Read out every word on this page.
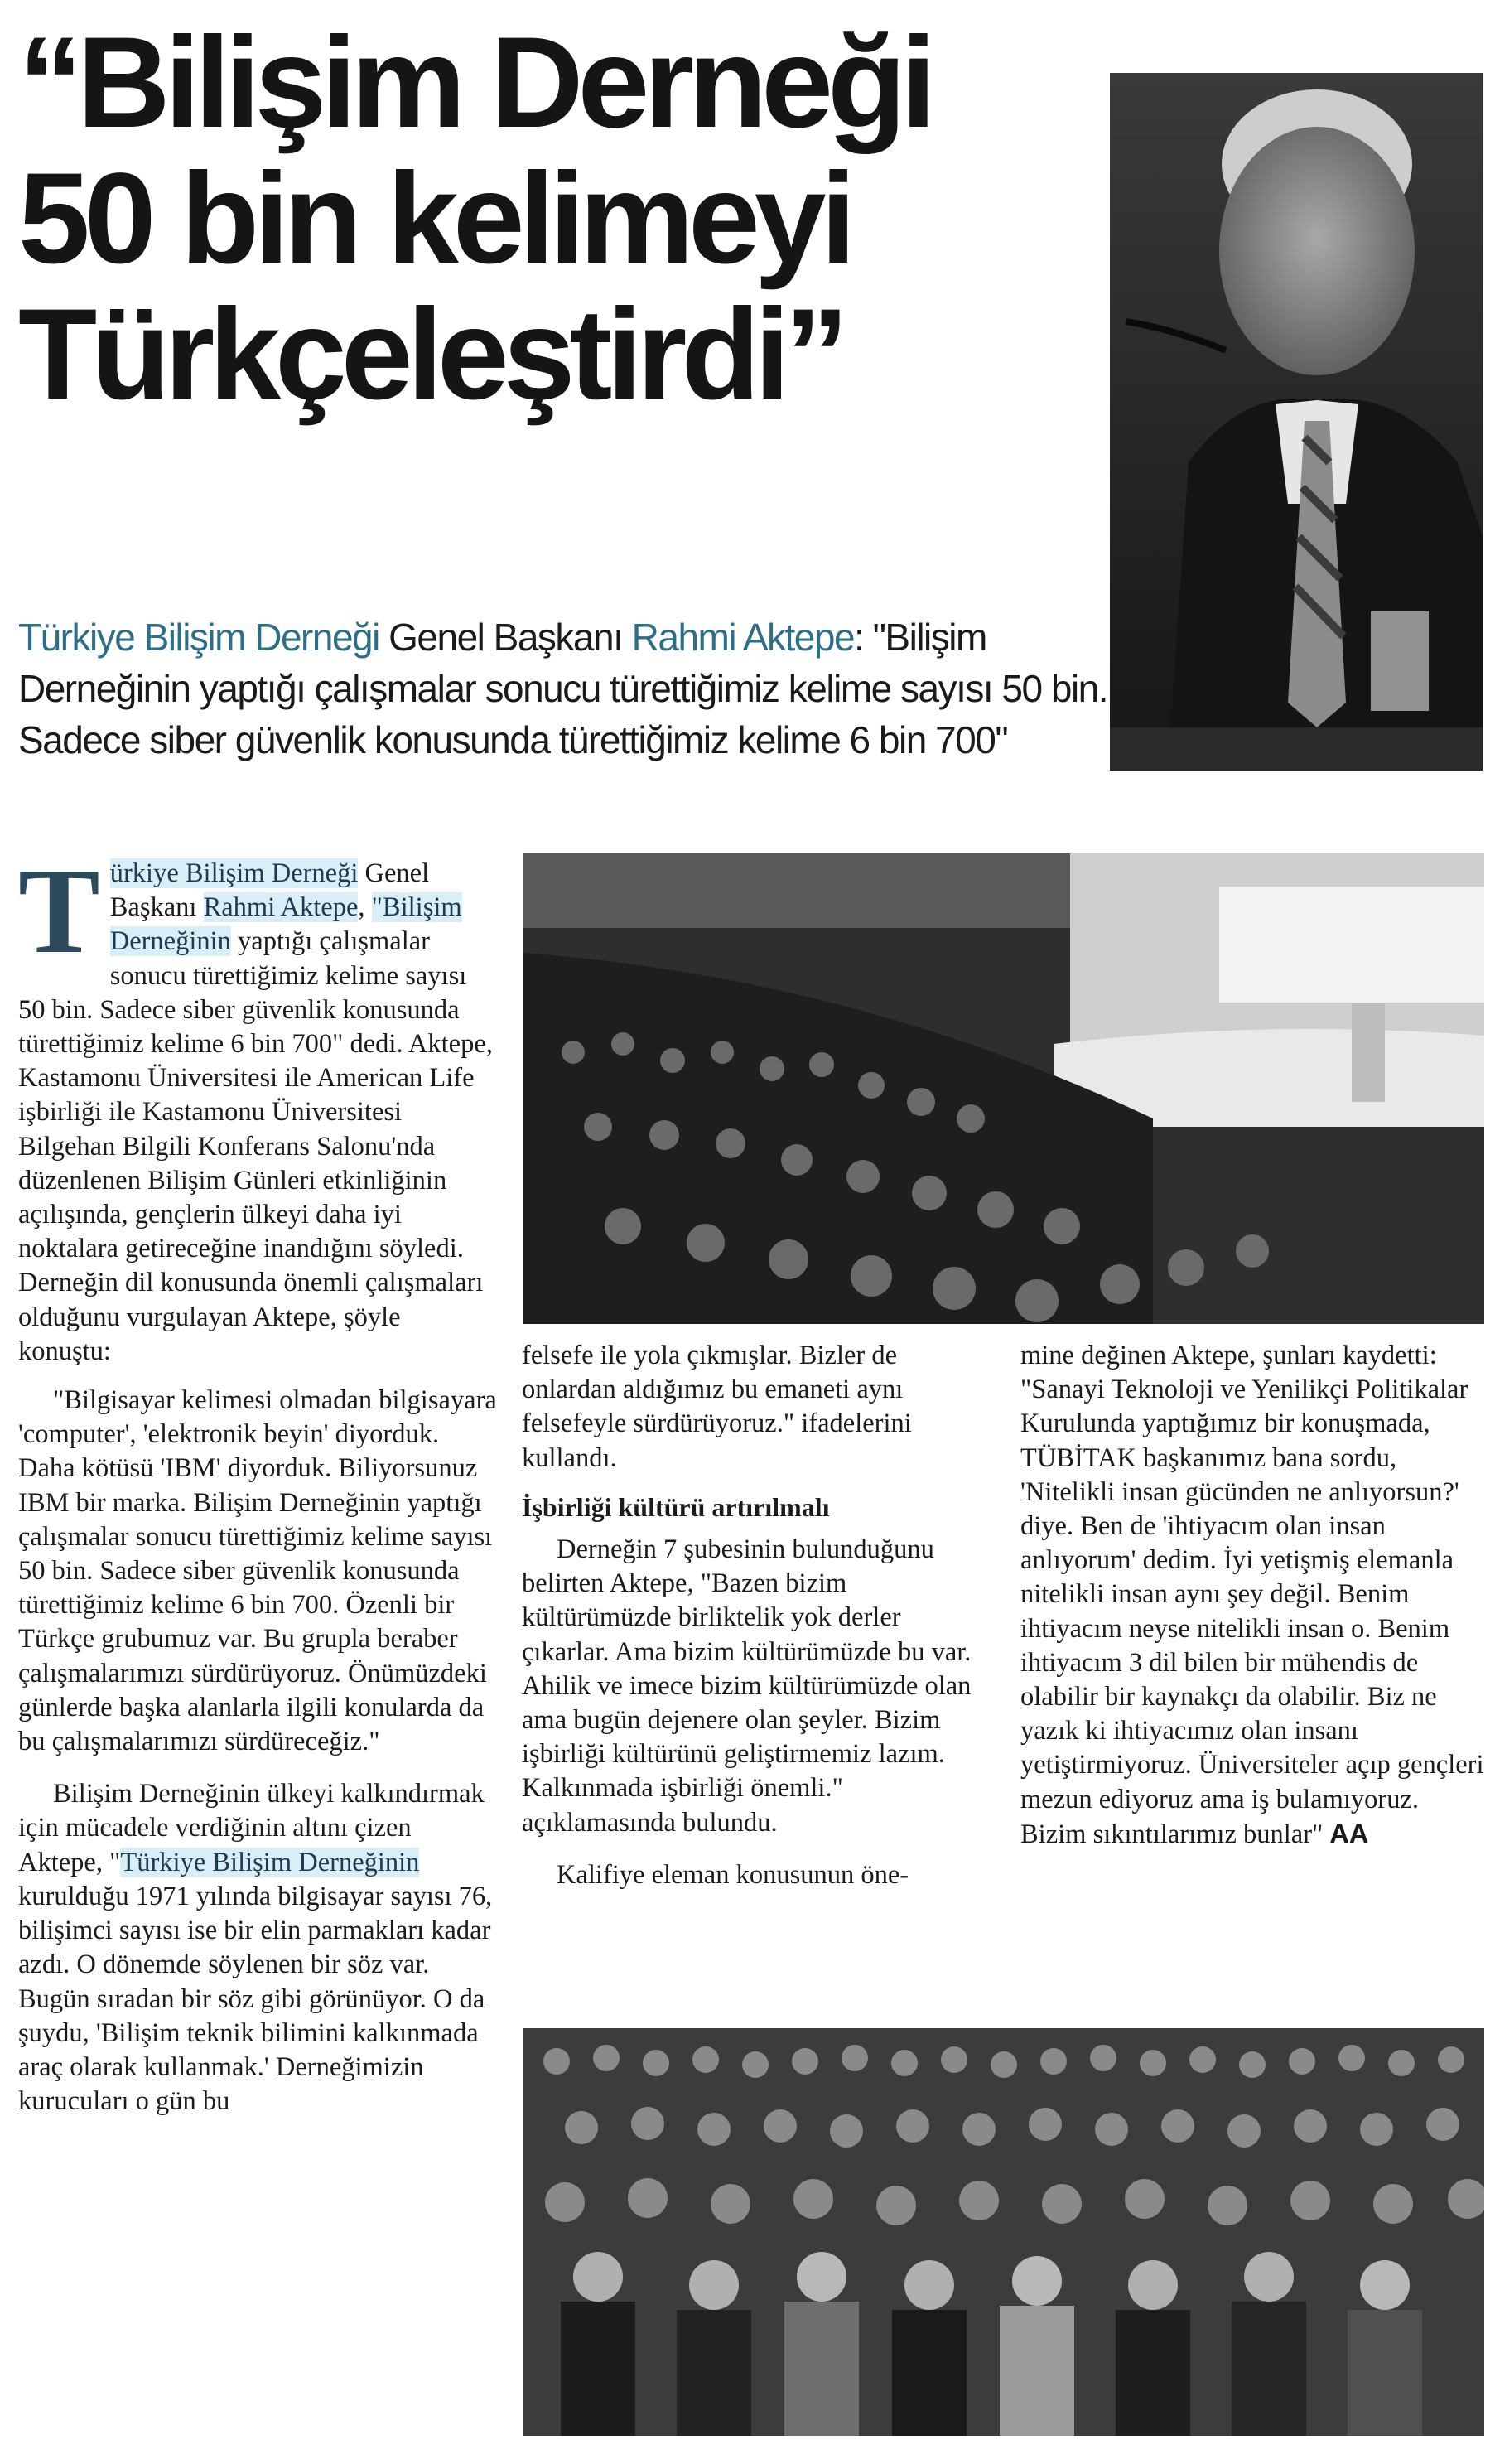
“Bilişim Derneği
50 bin kelimeyi
Türkçeleştirdi”

Türkiye Bilişim Derneği Genel Başkanı Rahmi Aktepe: "Bilişim Derneğinin yaptığı çalışmalar sonucu türettiğimiz kelime sayısı 50 bin. Sadece siber güvenlik konusunda türettiğimiz kelime 6 bin 700"

Türkiye Bilişim Derneği Genel Başkanı Rahmi Aktepe, "Bilişim Derneğinin yaptığı çalışmalar sonucu türettiğimiz kelime sayısı 50 bin. Sadece siber güvenlik konusunda türettiğimiz kelime 6 bin 700" dedi. Aktepe, Kastamonu Üniversitesi ile American Life işbirliği ile Kastamonu Üniversitesi Bilgehan Bilgili Konferans Salonu'nda düzenlenen Bilişim Günleri etkinliğinin açılışında, gençlerin ülkeyi daha iyi noktalara getireceğine inandığını söyledi. Derneğin dil konusunda önemli çalışmaları olduğunu vurgulayan Aktepe, şöyle konuştu:

"Bilgisayar kelimesi olmadan bilgisayara 'computer', 'elektronik beyin' diyorduk. Daha kötüsü 'IBM' diyorduk. Biliyorsunuz IBM bir marka. Bilişim Derneğinin yaptığı çalışmalar sonucu türettiğimiz kelime sayısı 50 bin. Sadece siber güvenlik konusunda türettiğimiz kelime 6 bin 700. Özenli bir Türkçe grubumuz var. Bu grupla beraber çalışmalarımızı sürdürüyoruz. Önümüzdeki günlerde başka alanlarla ilgili konularda da bu çalışmalarımızı sürdüreceğiz."

Bilişim Derneğinin ülkeyi kalkındırmak için mücadele verdiğinin altını çizen Aktepe, "Türkiye Bilişim Derneğinin kurulduğu 1971 yılında bilgisayar sayısı 76, bilişimci sayısı ise bir elin parmakları kadar azdı. O dönemde söylenen bir söz var. Bugün sıradan bir söz gibi görünüyor. O da şuydu, 'Bilişim teknik bilimini kalkınmada araç olarak kullanmak.' Derneğimizin kurucuları o gün bu

felsefe ile yola çıkmışlar. Bizler de onlardan aldığımız bu emaneti aynı felsefeyle sürdürüyoruz." ifadelerini kullandı.

İşbirliği kültürü artırılmalı

Derneğin 7 şubesinin bulunduğunu belirten Aktepe, "Bazen bizim kültürümüzde birliktelik yok derler çıkarlar. Ama bizim kültürümüzde bu var. Ahilik ve imece bizim kültürümüzde olan ama bugün dejenere olan şeyler. Bizim işbirliği kültürünü geliştirmemiz lazım. Kalkınmada işbirliği önemli." açıklamasında bulundu.

Kalifiye eleman konusunun öne-

mine değinen Aktepe, şunları kaydetti: "Sanayi Teknoloji ve Yenilikçi Politikalar Kurulunda yaptığımız bir konuşmada, TÜBİTAK başkanımız bana sordu, 'Nitelikli insan gücünden ne anlıyorsun?' diye. Ben de 'ihtiyacım olan insan anlıyorum' dedim. İyi yetişmiş elemanla nitelikli insan aynı şey değil. Benim ihtiyacım neyse nitelikli insan o. Benim ihtiyacım 3 dil bilen bir mühendis de olabilir bir kaynakçı da olabilir. Biz ne yazık ki ihtiyacımız olan insanı yetiştirmiyoruz. Üniversiteler açıp gençleri mezun ediyoruz ama iş bulamıyoruz. Bizim sıkıntılarımız bunlar" AA
